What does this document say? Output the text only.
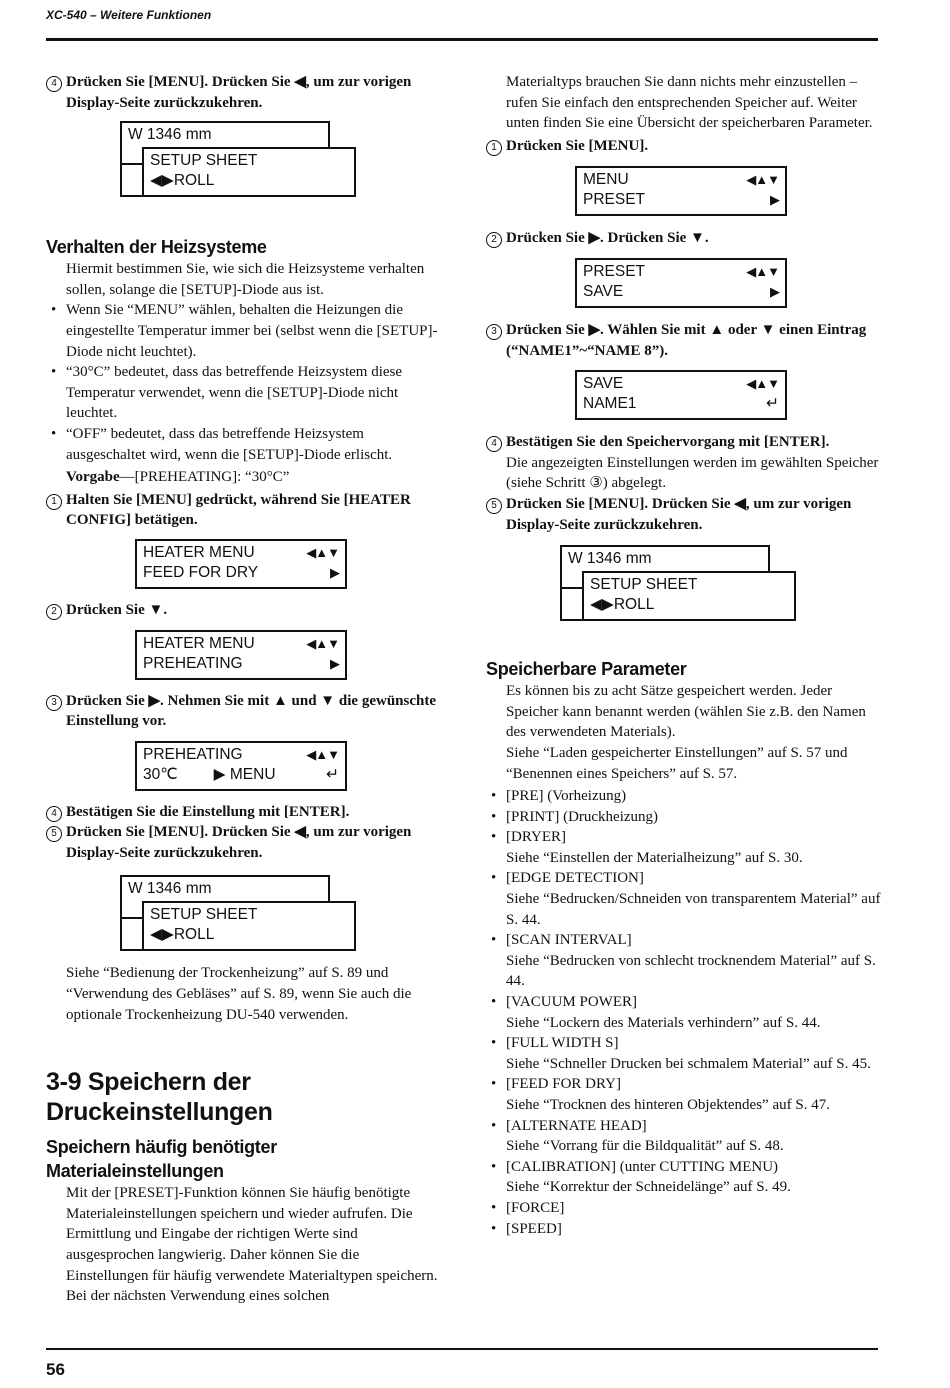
XC-540 – Weitere Funktionen
4 Drücken Sie [MENU]. Drücken Sie ◀, um zur vorigen Display-Seite zurückzukehren.
W 1346 mm
SETUP SHEET
◀▶ROLL
Verhalten der Heizsysteme

Hiermit bestimmen Sie, wie sich die Heizsysteme verhalten sollen, solange die [SETUP]-Diode aus ist.

• Wenn Sie “MENU” wählen, behalten die Heizungen die eingestellte Temperatur immer bei (selbst wenn die [SETUP]-Diode nicht leuchtet).
• “30°C” bedeutet, dass das betreffende Heizsystem diese Temperatur verwendet, wenn die [SETUP]-Diode nicht leuchtet.
• “OFF” bedeutet, dass das betreffende Heizsystem ausgeschaltet wird, wenn die [SETUP]-Diode erlischt.

Vorgabe—[PREHEATING]: “30°C”

1 Halten Sie [MENU] gedrückt, während Sie [HEATER CONFIG] betätigen.
HEATER MENU	◀▲▼
FEED FOR DRY	▶
2 Drücken Sie ▼.
HEATER MENU	◀▲▼
PREHEATING	▶
3 Drücken Sie ▶. Nehmen Sie mit ▲ und ▼ die gewünschte Einstellung vor.
PREHEATING	◀▲▼
30℃ ▶ MENU	↵
4 Bestätigen Sie die Einstellung mit [ENTER].
5 Drücken Sie [MENU]. Drücken Sie ◀, um zur vorigen Display-Seite zurückzukehren.
W 1346 mm
SETUP SHEET
◀▶ROLL

Siehe “Bedienung der Trockenheizung” auf S. 89 und “Verwendung des Gebläses” auf S. 89, wenn Sie auch die optionale Trockenheizung DU-540 verwenden.

3-9 Speichern der Druckeinstellungen
Speichern häufig benötigter Materialeinstellungen

Mit der [PRESET]-Funktion können Sie häufig benötigte Materialeinstellungen speichern und wieder aufrufen. Die Ermittlung und Eingabe der richtigen Werte sind ausgesprochen langwierig. Daher können Sie die Einstellungen für häufig verwendete Materialtypen speichern. Bei der nächsten Verwendung eines solchen

Materialtyps brauchen Sie dann nichts mehr einzustellen – rufen Sie einfach den entsprechenden Speicher auf. Weiter unten finden Sie eine Übersicht der speicherbaren Parameter.

1 Drücken Sie [MENU].
MENU	◀▲▼
PRESET	▶
2 Drücken Sie ▶. Drücken Sie ▼.
PRESET	◀▲▼
SAVE	▶
3 Drücken Sie ▶. Wählen Sie mit ▲ oder ▼ einen Eintrag (“NAME1”~“NAME 8”).
SAVE	◀▲▼
NAME1	↵
4 Bestätigen Sie den Speichervorgang mit [ENTER].

Die angezeigten Einstellungen werden im gewählten Speicher (siehe Schritt ③) abgelegt.

5 Drücken Sie [MENU]. Drücken Sie ◀, um zur vorigen Display-Seite zurückzukehren.
W 1346 mm
SETUP SHEET
◀▶ROLL
Speicherbare Parameter

Es können bis zu acht Sätze gespeichert werden. Jeder Speicher kann benannt werden (wählen Sie z.B. den Namen des verwendeten Materials).

Siehe “Laden gespeicherter Einstellungen” auf S. 57 und “Benennen eines Speichers” auf S. 57.

• [PRE] (Vorheizung)
• [PRINT] (Druckheizung)
• [DRYER]
Siehe “Einstellen der Materialheizung” auf S. 30.
• [EDGE DETECTION]
Siehe “Bedrucken/Schneiden von transparentem Material” auf S. 44.
• [SCAN INTERVAL]
Siehe “Bedrucken von schlecht trocknendem Material” auf S. 44.
• [VACUUM POWER]
Siehe “Lockern des Materials verhindern” auf S. 44.
• [FULL WIDTH S]
Siehe “Schneller Drucken bei schmalem Material” auf S. 45.
• [FEED FOR DRY]
Siehe “Trocknen des hinteren Objektendes” auf S. 47.
• [ALTERNATE HEAD]
Siehe “Vorrang für die Bildqualität” auf S. 48.
• [CALIBRATION] (unter CUTTING MENU)
Siehe “Korrektur der Schneidelänge” auf S. 49.
• [FORCE]
• [SPEED]
56
